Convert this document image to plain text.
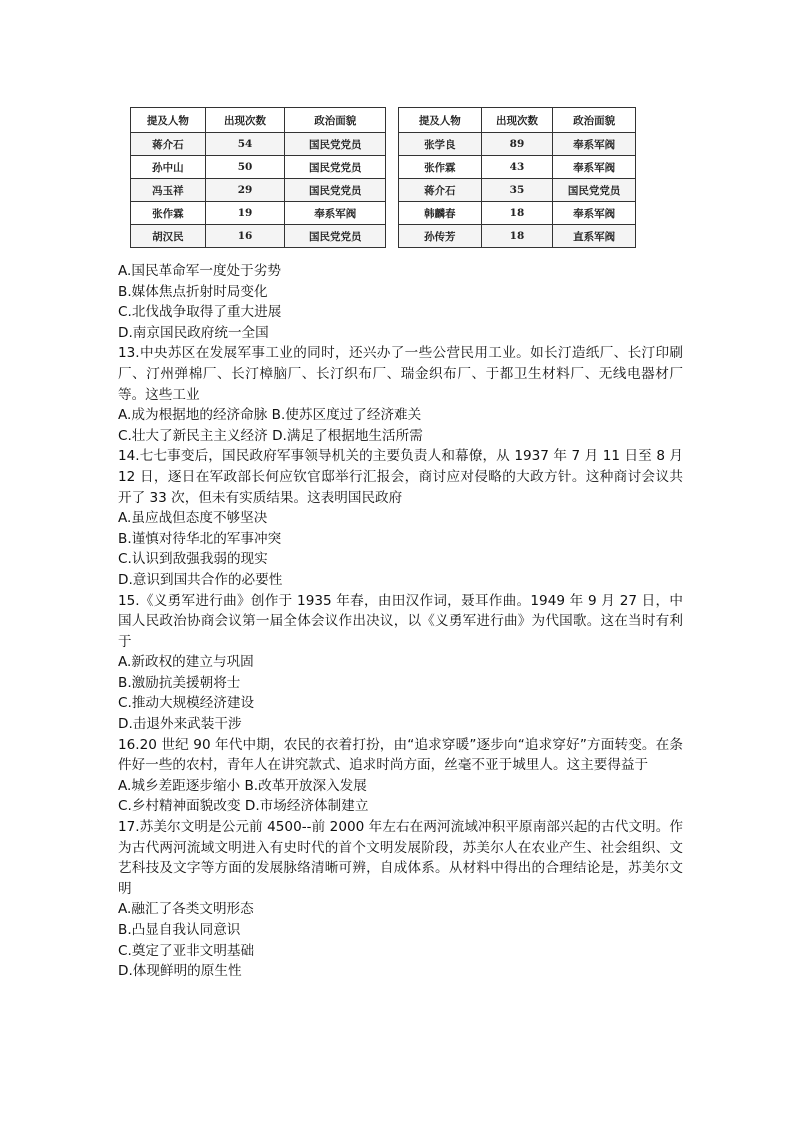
提及人物	出现次数	政治面貌
蒋介石	54	国民党党员
孙中山	50	国民党党员
冯玉祥	29	国民党党员
张作霖	19	奉系军阀
胡汉民	16	国民党党员
提及人物	出现次数	政治面貌
张学良	89	奉系军阀
张作霖	43	奉系军阀
蒋介石	35	国民党党员
韩麟春	18	奉系军阀
孙传芳	18	直系军阀
A.国民革命军一度处于劣势
B.媒体焦点折射时局变化
C.北伐战争取得了重大进展
D.南京国民政府统一全国
13.中央苏区在发展军事工业的同时，还兴办了一些公营民用工业。如长汀造纸厂、长汀印刷厂、汀州弹棉厂、长汀樟脑厂、长汀织布厂、瑞金织布厂、于都卫生材料厂、无线电器材厂等。这些工业
A.成为根据地的经济命脉 B.使苏区度过了经济难关
C.壮大了新民主主义经济 D.满足了根据地生活所需
14.七七事变后，国民政府军事领导机关的主要负责人和幕僚，从 1937 年 7 月 11 日至 8 月 12 日，逐日在军政部长何应钦官邸举行汇报会，商讨应对侵略的大政方针。这种商讨会议共开了 33 次，但未有实质结果。这表明国民政府
A.虽应战但态度不够坚决
B.谨慎对待华北的军事冲突
C.认识到敌强我弱的现实
D.意识到国共合作的必要性
15.《义勇军进行曲》创作于 1935 年春，由田汉作词，聂耳作曲。1949 年 9 月 27 日，中国人民政治协商会议第一届全体会议作出决议，以《义勇军进行曲》为代国歌。这在当时有利于
A.新政权的建立与巩固
B.激励抗美援朝将士
C.推动大规模经济建设
D.击退外来武装干涉
16.20 世纪 90 年代中期，农民的衣着打扮，由“追求穿暖”逐步向“追求穿好”方面转变。在条件好一些的农村，青年人在讲究款式、追求时尚方面，丝毫不亚于城里人。这主要得益于
A.城乡差距逐步缩小 B.改革开放深入发展
C.乡村精神面貌改变 D.市场经济体制建立
17.苏美尔文明是公元前 4500--前 2000 年左右在两河流域冲积平原南部兴起的古代文明。作为古代两河流域文明进入有史时代的首个文明发展阶段，苏美尔人在农业产生、社会组织、文艺科技及文字等方面的发展脉络清晰可辨，自成体系。从材料中得出的合理结论是，苏美尔文明
A.融汇了各类文明形态
B.凸显自我认同意识
C.奠定了亚非文明基础
D.体现鲜明的原生性
